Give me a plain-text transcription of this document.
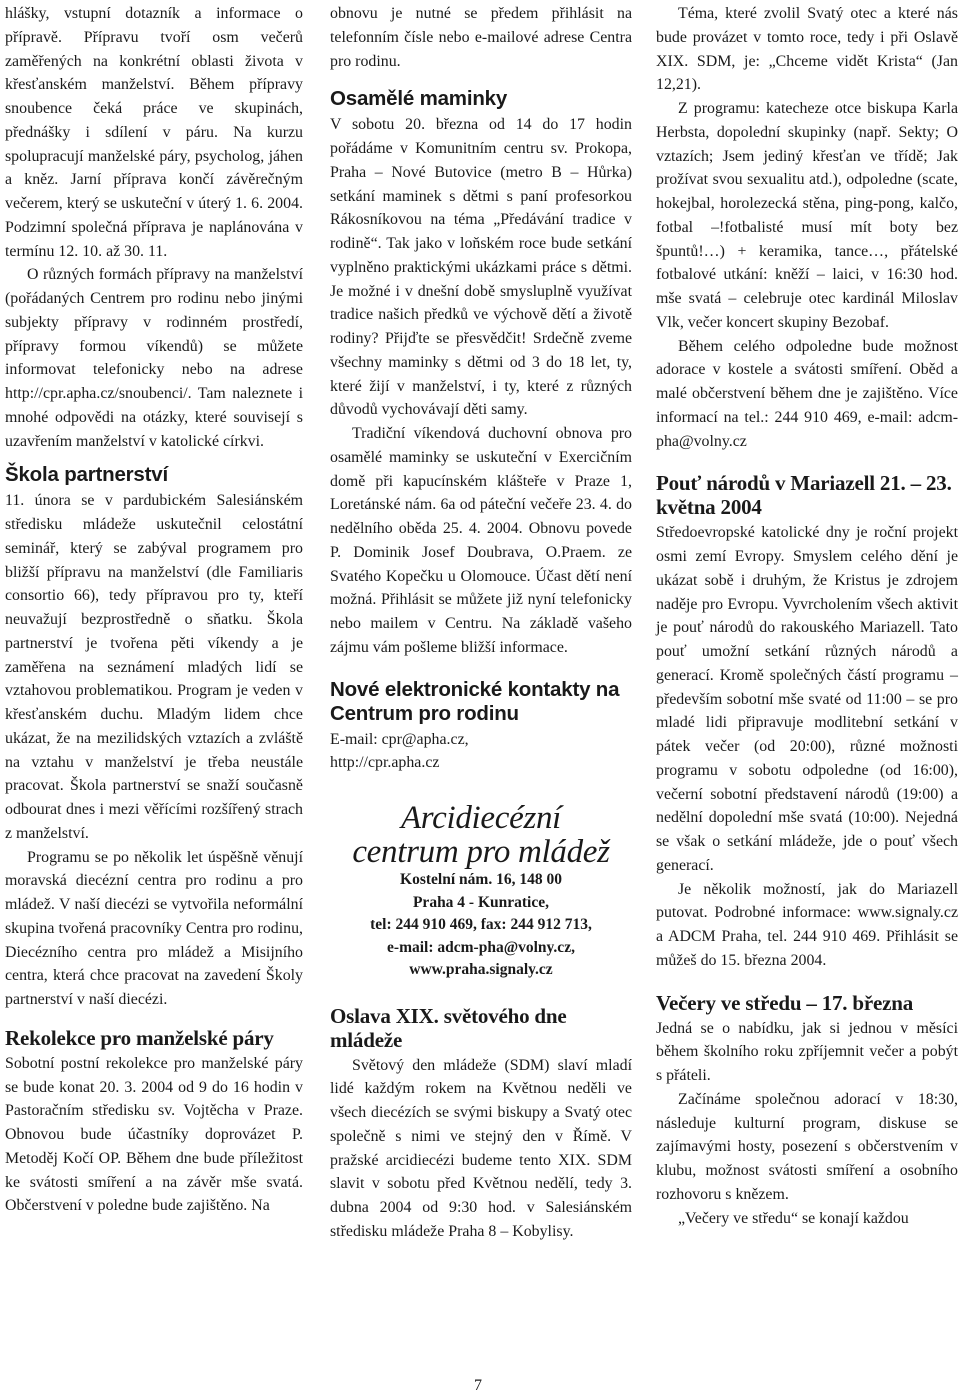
hlášky, vstupní dotazník a informace o přípravě. Přípravu tvoří osm večerů zaměřených na konkrétní oblasti života v křesťanském manželství. Během přípravy snoubence čeká práce ve skupinách, přednášky i sdílení v páru. Na kurzu spolupracují manželské páry, psycholog, jáhen a kněz. Jarní příprava končí závěrečným večerem, který se uskuteční v úterý 1. 6. 2004. Podzimní společná příprava je naplánována v termínu 12. 10. až 30. 11.

O různých formách přípravy na manželství (pořádaných Centrem pro rodinu nebo jinými subjekty přípravy v rodinném prostředí, přípravy formou víkendů) se můžete informovat telefonicky nebo na adrese http://cpr.apha.cz/snoubenci/. Tam naleznete i mnohé odpovědi na otázky, které souvisejí s uzavřením manželství v katolické církvi.

Škola partnerství

11. února se v pardubickém Salesiánském středisku mládeže uskutečnil celostátní seminář, který se zabýval programem pro bližší přípravu na manželství (dle Familiaris consortio 66), tedy přípravou pro ty, kteří neuvažují bezprostředně o sňatku. Škola partnerství je tvořena pěti víkendy a je zaměřena na seznámení mladých lidí se vztahovou problematikou. Program je veden v křesťanském duchu. Mladým lidem chce ukázat, že na mezilidských vztazích a zvláště na vztahu v manželství je třeba neustále pracovat. Škola partnerství se snaží současně odbourat dnes i mezi věřícími rozšířený strach z manželství.

Programu se po několik let úspěšně věnují moravská diecézní centra pro rodinu a pro mládež. V naší diecézi se vytvořila neformální skupina tvořená pracovníky Centra pro rodinu, Diecézního centra pro mládež a Misijního centra, která chce pracovat na zavedení Školy partnerství v naší diecézi.

Rekolekce pro manželské páry

Sobotní postní rekolekce pro manželské páry se bude konat 20. 3. 2004 od 9 do 16 hodin v Pastoračním středisku sv. Vojtěcha v Praze. Obnovou bude účastníky doprovázet P. Metoděj Kočí OP. Během dne bude příležitost ke svátosti smíření a na závěr mše svatá. Občerstvení v poledne bude zajištěno. Na

obnovu je nutné se předem přihlásit na telefonním čísle nebo e-mailové adrese Centra pro rodinu.

Osamělé maminky

V sobotu 20. března od 14 do 17 hodin pořádáme v Komunitním centru sv. Prokopa, Praha – Nové Butovice (metro B – Hůrka) setkání maminek s dětmi s paní profesorkou Rákosníkovou na téma „Předávání tradice v rodině“. Tak jako v loňském roce bude setkání vyplněno praktickými ukázkami práce s dětmi. Je možné i v dnešní době smysluplně využívat tradice našich předků ve výchově dětí a životě rodiny? Přijďte se přesvědčit! Srdečně zveme všechny maminky s dětmi od 3 do 18 let, ty, které žijí v manželství, i ty, které z různých důvodů vychovávají děti samy.

Tradiční víkendová duchovní obnova pro osamělé maminky se uskuteční v Exercičním domě při kapucínském klášteře v Praze 1, Loretánské nám. 6a od páteční večeře 23. 4. do nedělního oběda 25. 4. 2004. Obnovu povede P. Dominik Josef Doubrava, O.Praem. ze Svatého Kopečku u Olomouce. Účast dětí není možná. Přihlásit se můžete již nyní telefonicky nebo mailem v Centru. Na základě vašeho zájmu vám pošleme bližší informace.

Nové elektronické kontakty na Centrum pro rodinu

E-mail: cpr@apha.cz,

http://cpr.apha.cz

Arcidiecézní
centrum pro mládež
Kostelní nám. 16, 148 00
Praha 4 - Kunratice,
tel: 244 910 469, fax: 244 912 713,
e-mail: adcm-pha@volny.cz,
www.praha.signaly.cz
Oslava XIX. světového dne mládeže

Světový den mládeže (SDM) slaví mladí lidé každým rokem na Květnou neděli ve všech diecézích se svými biskupy a Svatý otec společně s nimi ve stejný den v Římě. V pražské arcidiecézi budeme tento XIX. SDM slavit v sobotu před Květnou nedělí, tedy 3. dubna 2004 od 9:30 hod. v Salesiánském středisku mládeže Praha 8 – Kobylisy.

Téma, které zvolil Svatý otec a které nás bude provázet v tomto roce, tedy i při Oslavě XIX. SDM, je: „Chceme vidět Krista“ (Jan 12,21).

Z programu: katecheze otce biskupa Karla Herbsta, dopolední skupinky (např. Sekty; O vztazích; Jsem jediný křesťan ve třídě; Jak prožívat svou sexualitu atd.), odpoledne (scate, hokejbal, horolezecká stěna, ping-pong, kalčo, fotbal –!fotbalisté musí mít boty bez špuntů!…) + keramika, tance…, přátelské fotbalové utkání: kněží – laici, v 16:30 hod. mše svatá – celebruje otec kardinál Miloslav Vlk, večer koncert skupiny Bezobaf.

Během celého odpoledne bude možnost adorace v kostele a svátosti smíření. Oběd a malé občerstvení během dne je zajištěno. Více informací na tel.: 244 910 469, e-mail: adcm-pha@volny.cz

Pouť národů v Mariazell 21. – 23. května 2004

Středoevropské katolické dny je roční projekt osmi zemí Evropy. Smyslem celého dění je ukázat sobě i druhým, že Kristus je zdrojem naděje pro Evropu. Vyvrcholením všech aktivit je pouť národů do rakouského Mariazell. Tato pouť umožní setkání různých národů a generací. Kromě společných částí programu – především sobotní mše svaté od 11:00 – se pro mladé lidi připravuje modlitební setkání v pátek večer (od 20:00), různé možnosti programu v sobotu odpoledne (od 16:00), večerní sobotní představení národů (19:00) a nedělní dopolední mše svatá (10:00). Nejedná se však o setkání mládeže, jde o pouť všech generací.

Je několik možností, jak do Mariazell putovat. Podrobné informace: www.signaly.cz a ADCM Praha, tel. 244 910 469. Přihlásit se můžeš do 15. března 2004.

Večery ve středu – 17. března

Jedná se o nabídku, jak si jednou v měsíci během školního roku zpříjemnit večer a pobýt s přáteli.

Začínáme společnou adorací v 18:30, následuje kulturní program, diskuse se zajímavými hosty, posezení s občerstvením v klubu, možnost svátosti smíření a osobního rozhovoru s knězem.

„Večery ve středu“ se konají každou

7
